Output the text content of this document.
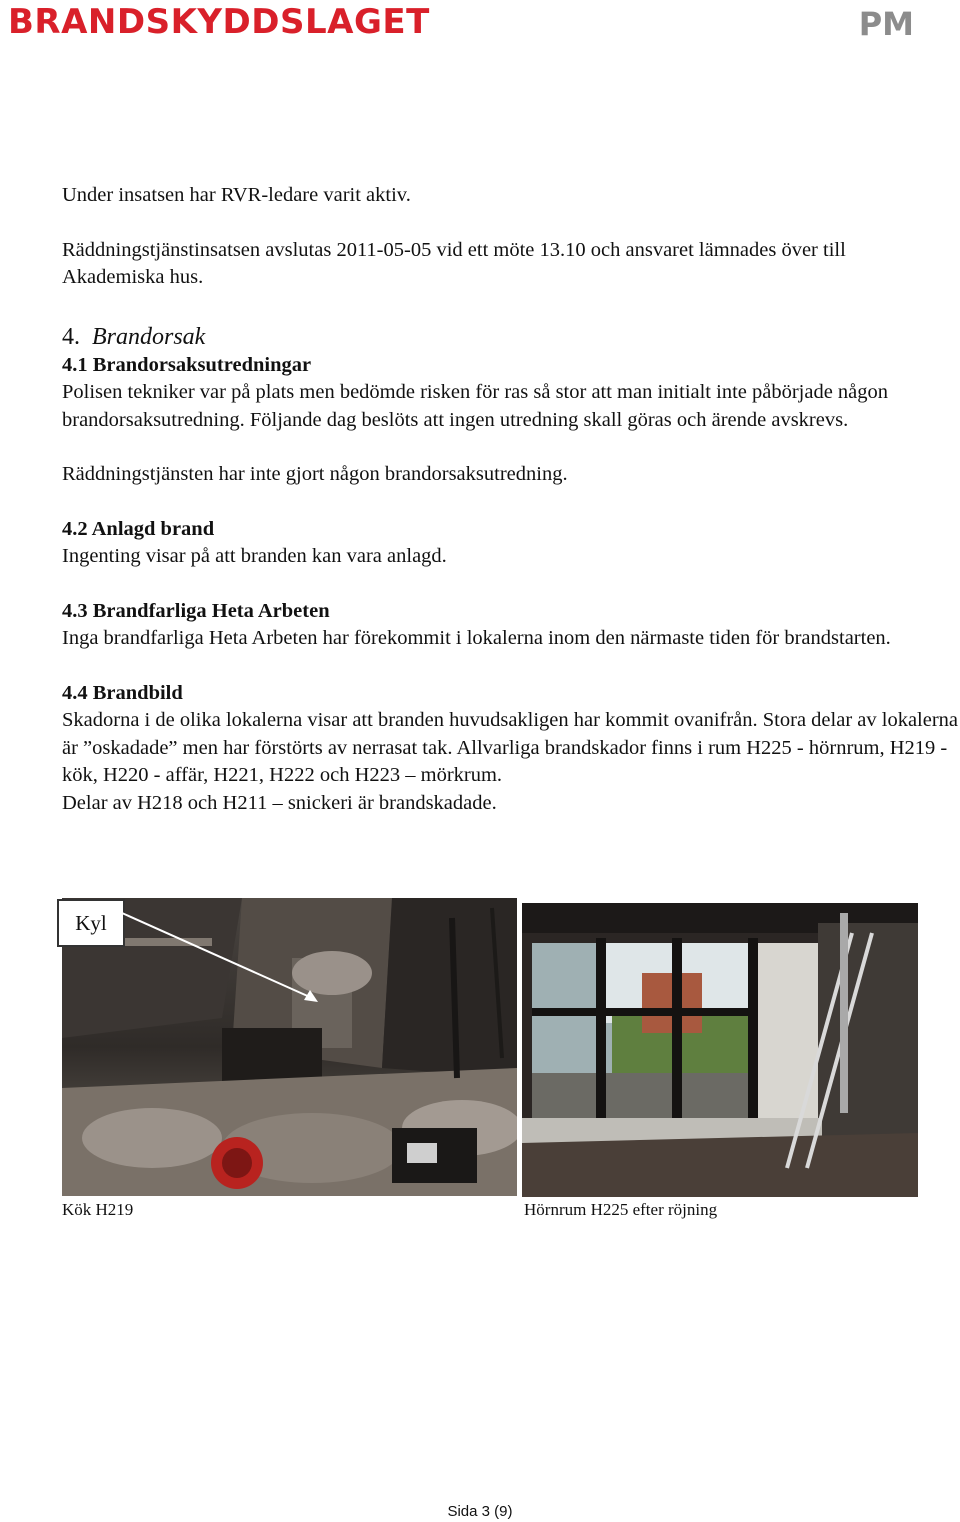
BRANDSKYDDSLAGET	PM

Under insatsen har RVR-ledare varit aktiv.

Räddningstjänstinsatsen avslutas 2011-05-05 vid ett möte 13.10 och ansvaret lämnades över till Akademiska hus.

4. Brandorsak

4.1 Brandorsaksutredningar

Polisen tekniker var på plats men bedömde risken för ras så stor att man initialt inte påbörjade någon brandorsaksutredning. Följande dag beslöts att ingen utredning skall göras och ärende avskrevs.

Räddningstjänsten har inte gjort någon brandorsaksutredning.

4.2 Anlagd brand

Ingenting visar på att branden kan vara anlagd.

4.3 Brandfarliga Heta Arbeten

Inga brandfarliga Heta Arbeten har förekommit i lokalerna inom den närmaste tiden för brandstarten.

4.4 Brandbild

Skadorna i de olika lokalerna visar att branden huvudsakligen har kommit ovanifrån. Stora delar av lokalerna är ”oskadade” men har förstörts av nerrasat tak. Allvarliga brandskador finns i rum H225 - hörnrum, H219 - kök, H220 - affär, H221, H222 och H223 – mörkrum.

Delar av H218 och H211 – snickeri är brandskadade.

Kyl
Kök H219	Hörnrum H225 efter röjning
Sida 3 (9)
